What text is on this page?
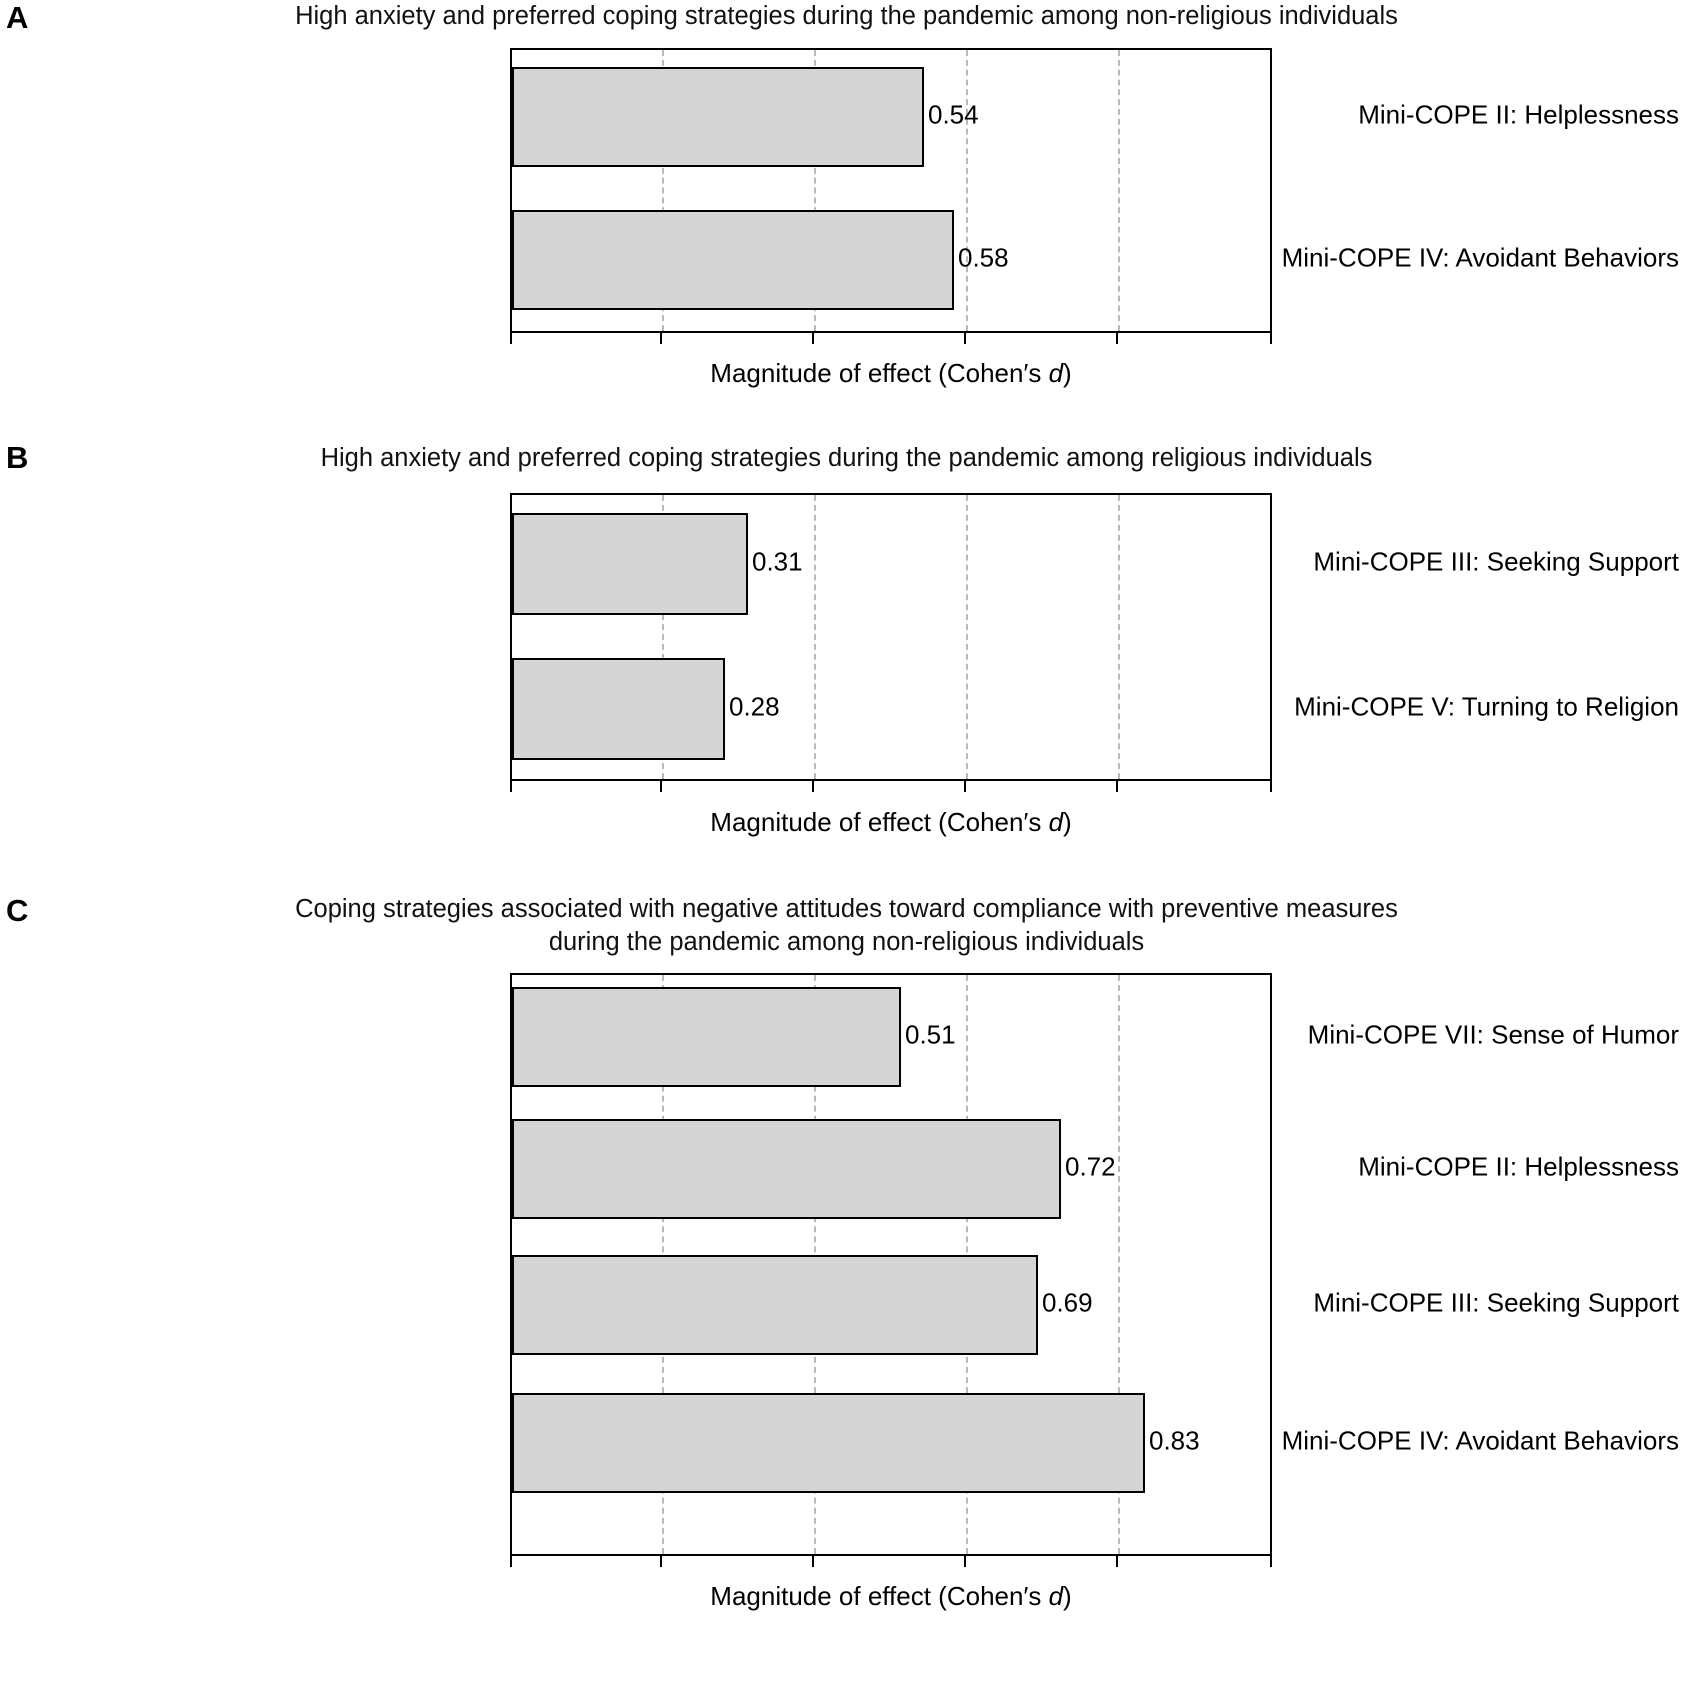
A	High anxiety and preferred coping strategies during the pandemic among non-religious individuals
0.54
0.58
Mini-COPE II: Helplessness
Mini-COPE IV: Avoidant Behaviors
Magnitude of effect (Cohen′s d)
B	High anxiety and preferred coping strategies during the pandemic among religious individuals
0.31
0.28
Mini-COPE III: Seeking Support
Mini-COPE V: Turning to Religion
Magnitude of effect (Cohen′s d)
C	Coping strategies associated with negative attitudes toward compliance with preventive measures
during the pandemic among non-religious individuals
0.51
0.72
0.69
0.83
Mini-COPE VII: Sense of Humor
Mini-COPE II: Helplessness
Mini-COPE III: Seeking Support
Mini-COPE IV: Avoidant Behaviors
Magnitude of effect (Cohen′s d)
